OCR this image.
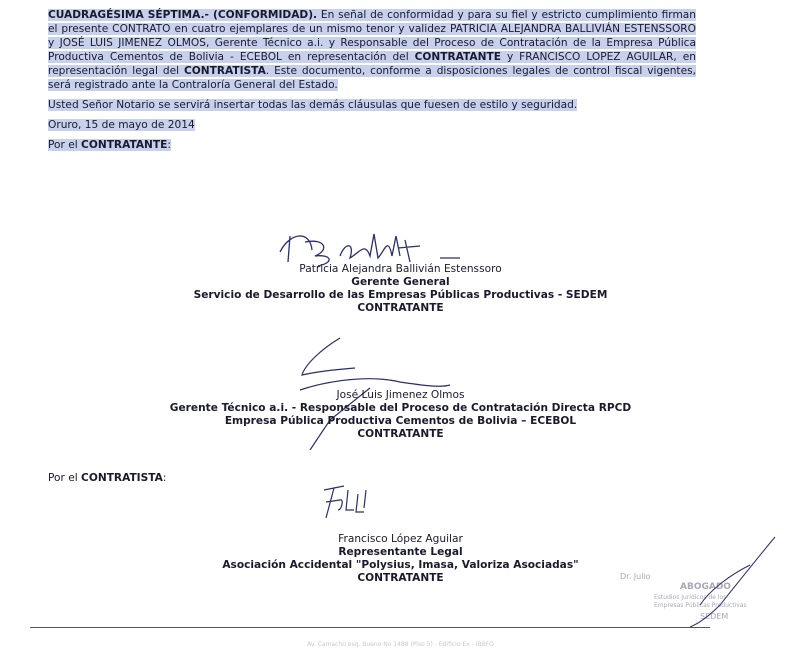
CUADRAGÉSIMA SÉPTIMA.- (CONFORMIDAD). En señal de conformidad y para su fiel y estricto cumplimiento firman el presente CONTRATO en cuatro ejemplares de un mismo tenor y validez PATRICIA ALEJANDRA BALLIVIÁN ESTENSSORO y JOSÉ LUIS JIMENEZ OLMOS, Gerente Técnico a.i. y Responsable del Proceso de Contratación de la Empresa Pública Productiva Cementos de Bolivia - ECEBOL en representación del CONTRATANTE y FRANCISCO LOPEZ AGUILAR, en representación legal del CONTRATISTA. Este documento, conforme a disposiciones legales de control fiscal vigentes, será registrado ante la Contraloría General del Estado.

Usted Señor Notario se servirá insertar todas las demás cláusulas que fuesen de estilo y seguridad.

Oruro, 15 de mayo de 2014

Por el CONTRATANTE:

Patricia Alejandra Ballivián Estenssoro
Gerente General
Servicio de Desarrollo de las Empresas Públicas Productivas - SEDEM
CONTRATANTE
José Luis Jimenez Olmos
Gerente Técnico a.i. - Responsable del Proceso de Contratación Directa RPCD
Empresa Pública Productiva Cementos de Bolivia – ECEBOL
CONTRATANTE
Por el CONTRATISTA:
Francisco López Aguilar
Representante Legal
Asociación Accidental "Polysius, Imasa, Valoriza Asociadas"
CONTRATANTE	Dr. Julio
ABOGADO
Estudios Jurídicos de los
Empresas Públicas Productivas
SEDEM
Av. Camacho esq. Bueno No 1488 (Piso 5) - Edificio Ex - IBBFO
